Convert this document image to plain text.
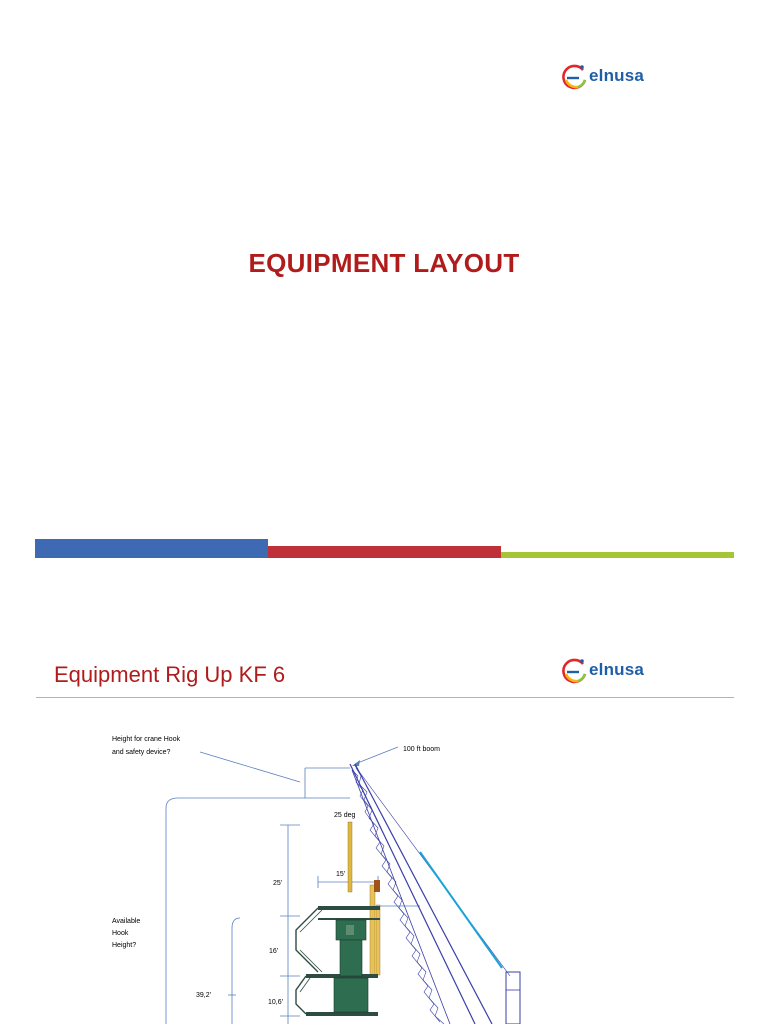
elnusa
EQUIPMENT LAYOUT
Equipment Rig Up KF 6	elnusa
Height for crane Hook
and safety device?	100 ft boom
25 deg
15'
25'
16'
10,6'
39,2'
Available
Hook
Height?
